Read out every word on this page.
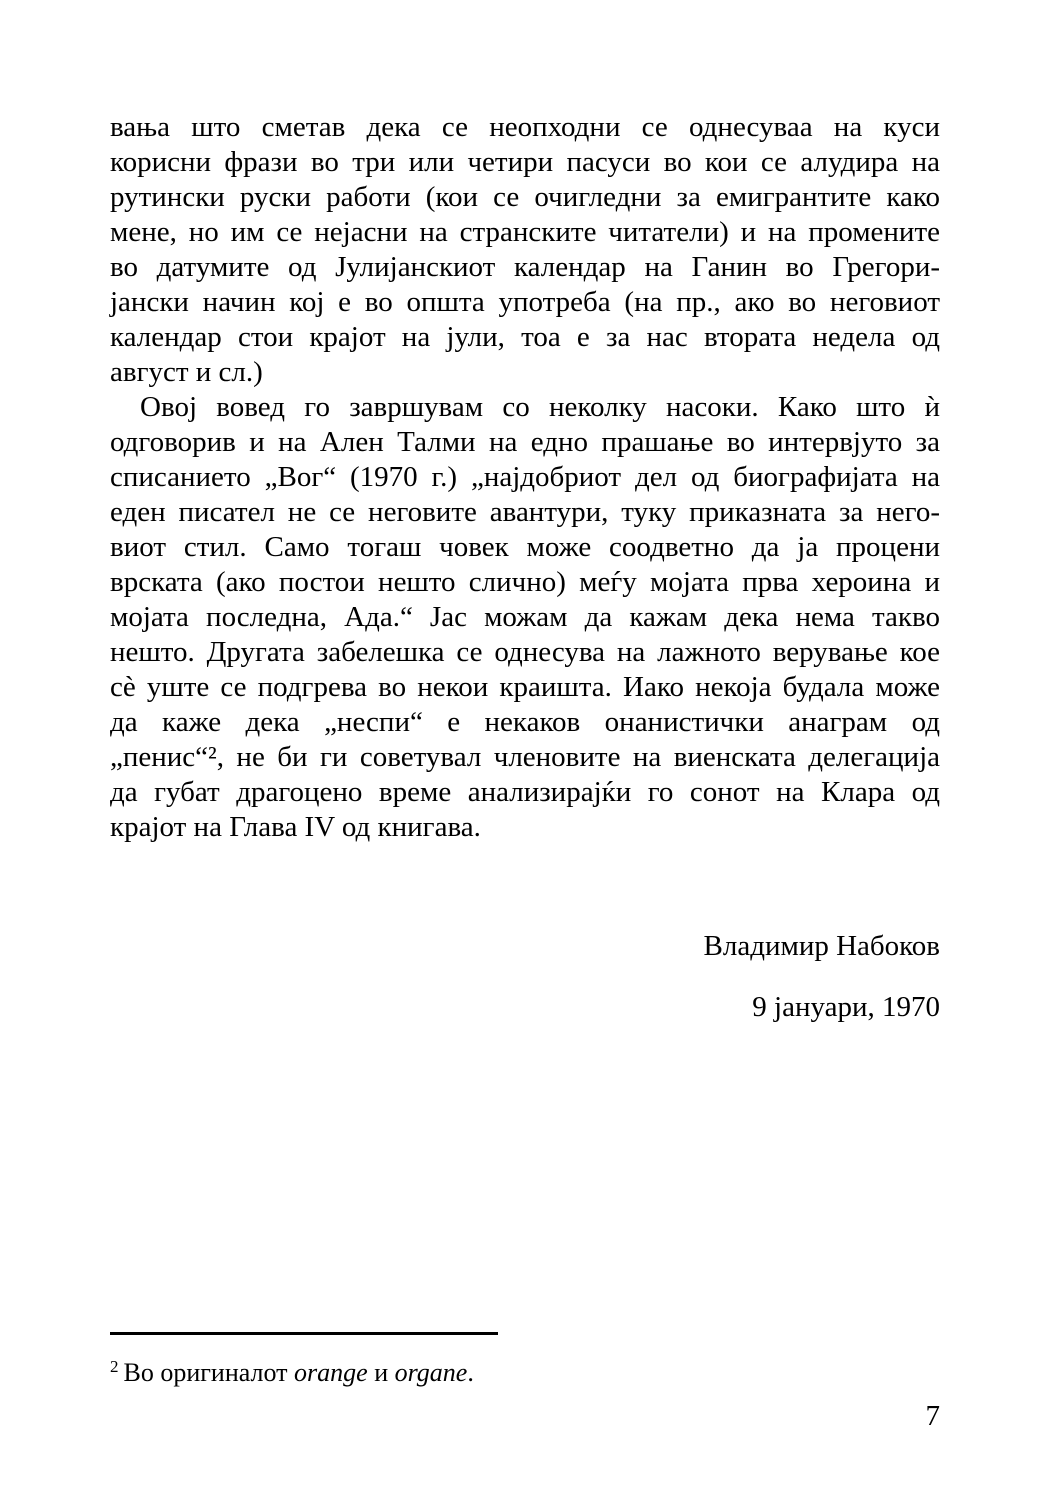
вања што сметав дека се неопходни се однесуваа на куси
корисни фрази во три или четири пасуси во кои се алудира на
рутински руски работи (кои се очигледни за емигрантите како
мене, но им се нејасни на странските читатели) и на промените
во датумите од Јулијанскиот календар на Ганин во Грегори-
јански начин кој е во општа употреба (на пр., ако во неговиот
календар стои крајот на јули, тоа е за нас втората недела од
август и сл.)
Овој вовед го завршувам со неколку насоки. Како што ѝ
одговорив и на Ален Талми на едно прашање во интервјуто за
списанието „Вог“ (1970 г.) „најдобриот дел од биографијата на
еден писател не се неговите авантури, туку приказната за него-
виот стил. Само тогаш човек може соодветно да ја процени
врската (ако постои нешто слично) меѓу мојата прва хероина и
мојата последна, Ада.“ Јас можам да кажам дека нема такво
нешто. Другата забелешка се однесува на лажното верување кое
сè уште се подгрева во некои краишта. Иако некоја будала може
да каже дека „неспи“ е некаков онанистички анаграм од
„пенис“², не би ги советувал членовите на виенската делегација
да губат драгоцено време анализирајќи го сонот на Клара од
крајот на Глава IV од книгава.
Владимир Набоков
9 јануари, 1970
$^2$ Во оригиналот orange и organe.
7
